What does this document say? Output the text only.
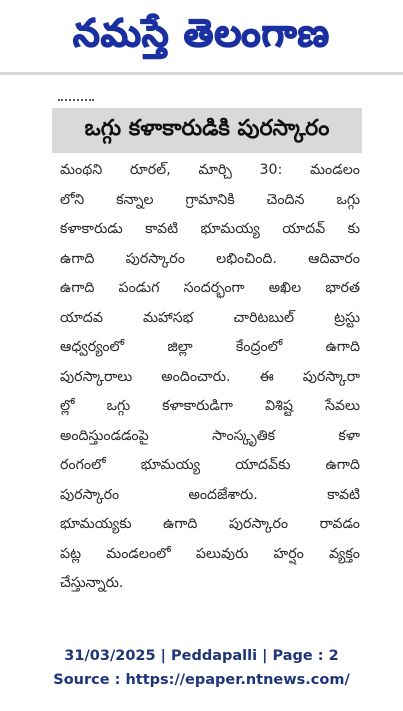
నమస్తే తెలంగాణ
ఒగ్గు కళాకారుడికి పురస్కారం
మంథని రూరల్, మార్చి 30: మండలం
లోని కన్నాల గ్రామానికి చెందిన ఒగ్గు
కళాకారుడు కావటి భూమయ్య యాదవ్ కు
ఉగాది పురస్కారం లభించింది. ఆదివారం
ఉగాది పండుగ సందర్భంగా అఖిల భారత
యాదవ మహాసభ చారిటబుల్ ట్రస్టు
ఆధ్వర్యంలో జిల్లా కేంద్రంలో ఉగాది
పురస్కారాలు అందించారు. ఈ పురస్కారా
ల్లో ఒగ్గు కళాకారుడిగా విశిష్ట సేవలు
అందిస్తుండడంపై సాంస్కృతిక కళా
రంగంలో భూమయ్య యాదవ్‌కు ఉగాది
పురస్కారం అందజేశారు. కావటి
భూమయ్యకు ఉగాది పురస్కారం రావడం
పట్ల మండలంలో పలువురు హర్షం వ్యక్తం
చేస్తున్నారు.
31/03/2025 | Peddapalli | Page : 2
Source : https://epaper.ntnews.com/
